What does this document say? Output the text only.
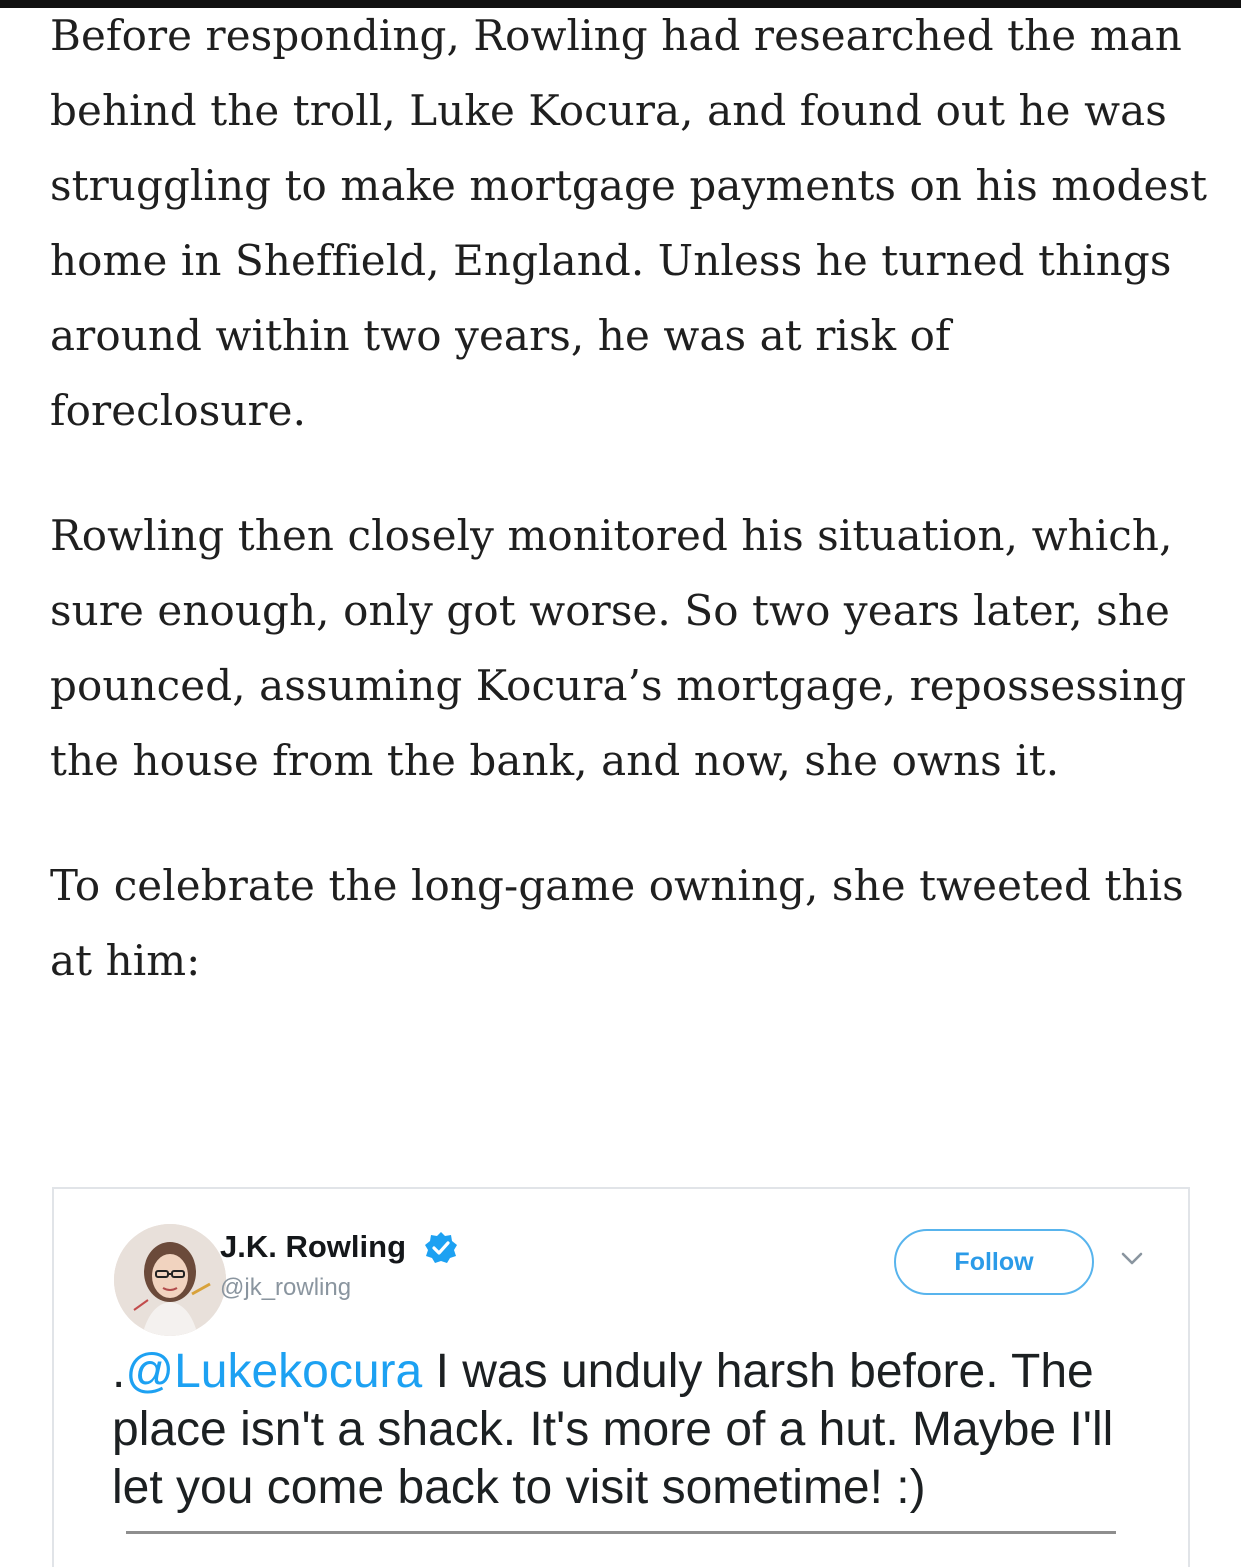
Before responding, Rowling had researched the man behind the troll, Luke Kocura, and found out he was struggling to make mortgage payments on his modest home in Sheffield, England. Unless he turned things around within two years, he was at risk of foreclosure.

Rowling then closely monitored his situation, which, sure enough, only got worse. So two years later, she pounced, assuming Kocura’s mortgage, repossessing the house from the bank, and now, she owns it.

To celebrate the long-game owning, she tweeted this at him:

J.K. Rowling
@jk_rowling
Follow
.@Lukekocura I was unduly harsh before. The place isn't a shack. It's more of a hut. Maybe I'll let you come back to visit sometime! :)
